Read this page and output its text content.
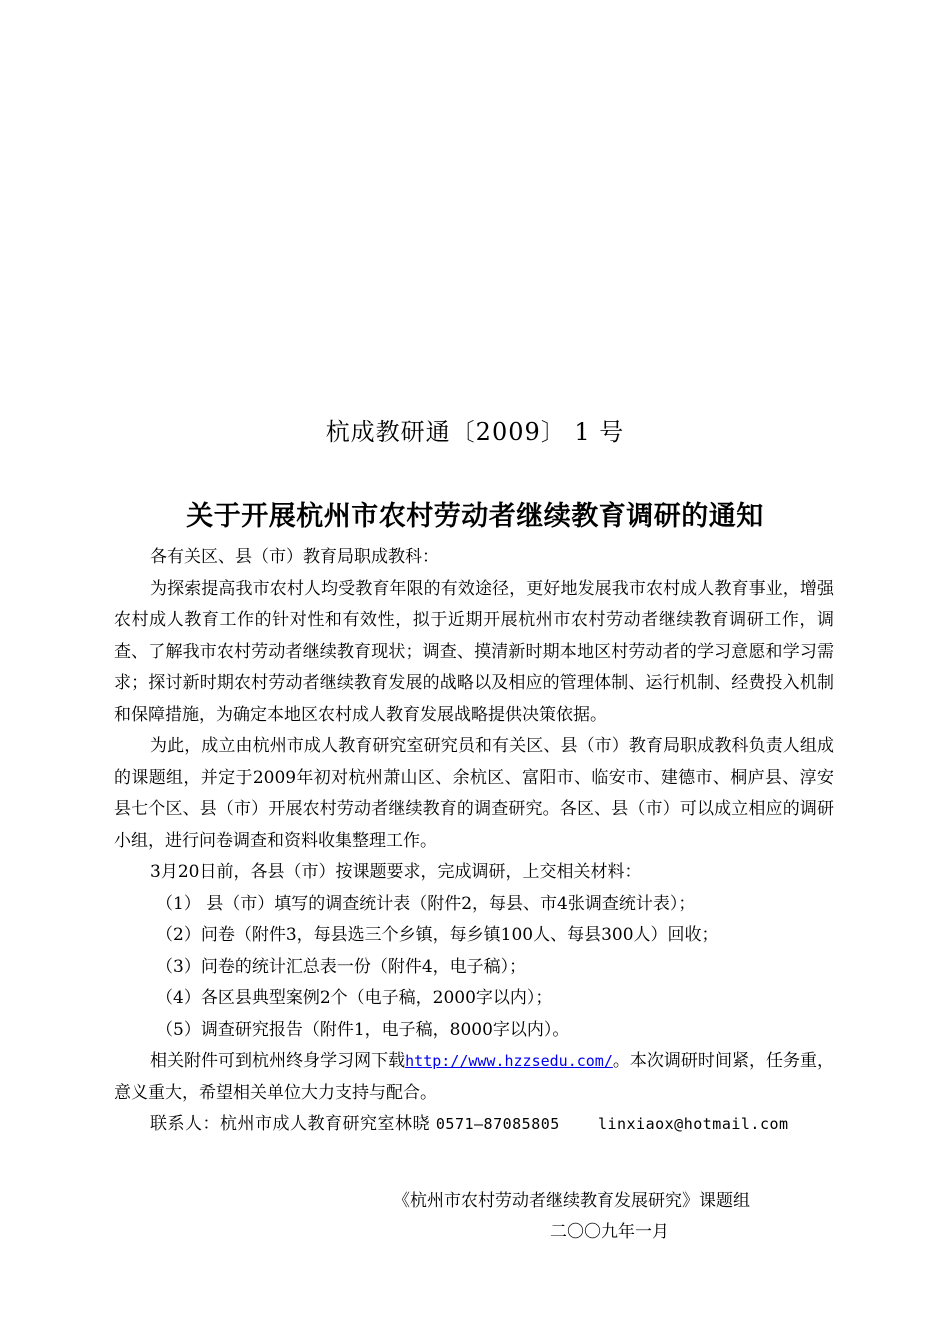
杭成教研通〔2009〕 1 号
关于开展杭州市农村劳动者继续教育调研的通知

各有关区、县（市）教育局职成教科：

为探索提高我市农村人均受教育年限的有效途径，更好地发展我市农村成人教育事业，增强农村成人教育工作的针对性和有效性，拟于近期开展杭州市农村劳动者继续教育调研工作，调查、了解我市农村劳动者继续教育现状；调查、摸清新时期本地区村劳动者的学习意愿和学习需求；探讨新时期农村劳动者继续教育发展的战略以及相应的管理体制、运行机制、经费投入机制和保障措施，为确定本地区农村成人教育发展战略提供决策依据。

为此，成立由杭州市成人教育研究室研究员和有关区、县（市）教育局职成教科负责人组成的课题组，并定于2009年初对杭州萧山区、余杭区、富阳市、临安市、建德市、桐庐县、淳安县七个区、县（市）开展农村劳动者继续教育的调查研究。各区、县（市）可以成立相应的调研小组，进行问卷调查和资料收集整理工作。

3月20日前，各县（市）按课题要求，完成调研，上交相关材料：

（1） 县（市）填写的调查统计表（附件2，每县、市4张调查统计表）；

（2）问卷（附件3，每县选三个乡镇，每乡镇100人、每县300人）回收；

（3）问卷的统计汇总表一份（附件4，电子稿）；

（4）各区县典型案例2个（电子稿，2000字以内）；

（5）调查研究报告（附件1，电子稿，8000字以内）。

相关附件可到杭州终身学习网下载http://www.hzzsedu.com/。本次调研时间紧，任务重，意义重大，希望相关单位大力支持与配合。

联系人：杭州市成人教育研究室林晓 0571—87085805	linxiaox@hotmail.com

《杭州市农村劳动者继续教育发展研究》课题组
二〇〇九年一月
